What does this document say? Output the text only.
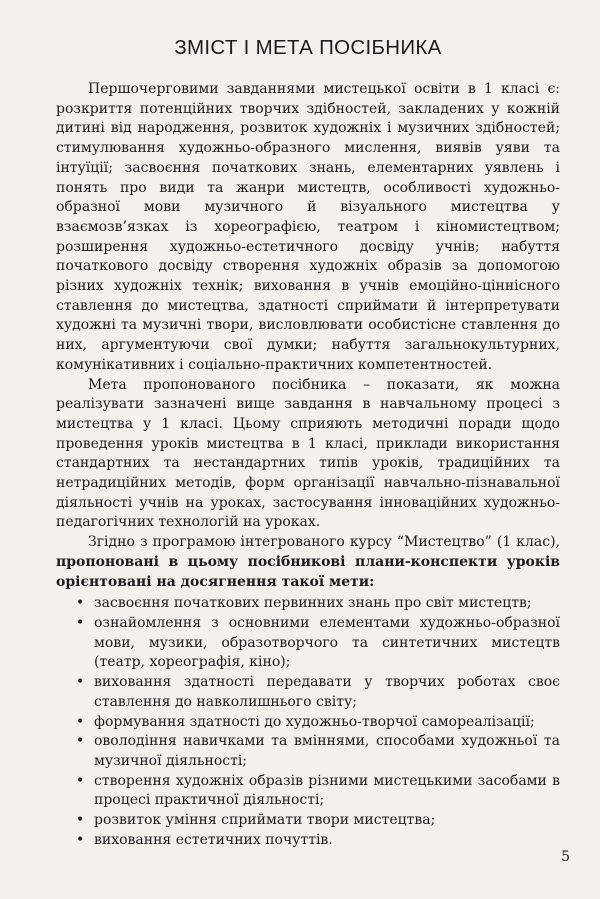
ЗМІСТ І МЕТА ПОСІБНИКА

Першочерговими завданнями мистецької освіти в 1 класі є: розкриття потенційних творчих здібностей, закладених у кожній дитині від народження, розвиток художніх і музичних здібностей; стимулювання художньо-образного мислення, виявів уяви та інтуїції; засвоєння початкових знань, елементарних уявлень і понять про види та жанри мистецтв, особливості художньо-образної мови музичного й візуального мистецтва у взаємозв’язках із хореографією, театром і кіномистецтвом; розширення художньо-естетичного досвіду учнів; набуття початкового досвіду створення художніх образів за допомогою різних художніх технік; виховання в учнів емоційно-ціннісного ставлення до мистецтва, здатності сприймати й інтерпретувати художні та музичні твори, висловлювати особистісне ставлення до них, аргументуючи свої думки; набуття загальнокультурних, комунікативних і соціально-практичних компетентностей.

Мета пропонованого посібника – показати, як можна реалізувати зазначені вище завдання в навчальному процесі з мистецтва у 1 класі. Цьому сприяють методичні поради щодо проведення уроків мистецтва в 1 класі, приклади використання стандартних та нестандартних типів уроків, традиційних та нетрадиційних методів, форм організації навчально-пізнавальної діяльності учнів на уроках, застосування інноваційних художньо-педагогічних технологій на уроках.

Згідно з програмою інтегрованого курсу “Мистецтво” (1 клас), пропоновані в цьому посібникові плани-конспекти уроків орієнтовані на досягнення такої мети:

• засвоєння початкових первинних знань про світ мистецтв;
• ознайомлення з основними елементами художньо-образної мови, музики, образотворчого та синтетичних мистецтв (театр, хореографія, кіно);
• виховання здатності передавати у творчих роботах своє ставлення до навколишнього світу;
• формування здатності до художньо-творчої самореалізації;
• оволодіння навичками та вміннями, способами художньої та музичної діяльності;
• створення художніх образів різними мистецькими засобами в процесі практичної діяльності;
• розвиток уміння сприймати твори мистецтва;
• виховання естетичних почуттів.
5
